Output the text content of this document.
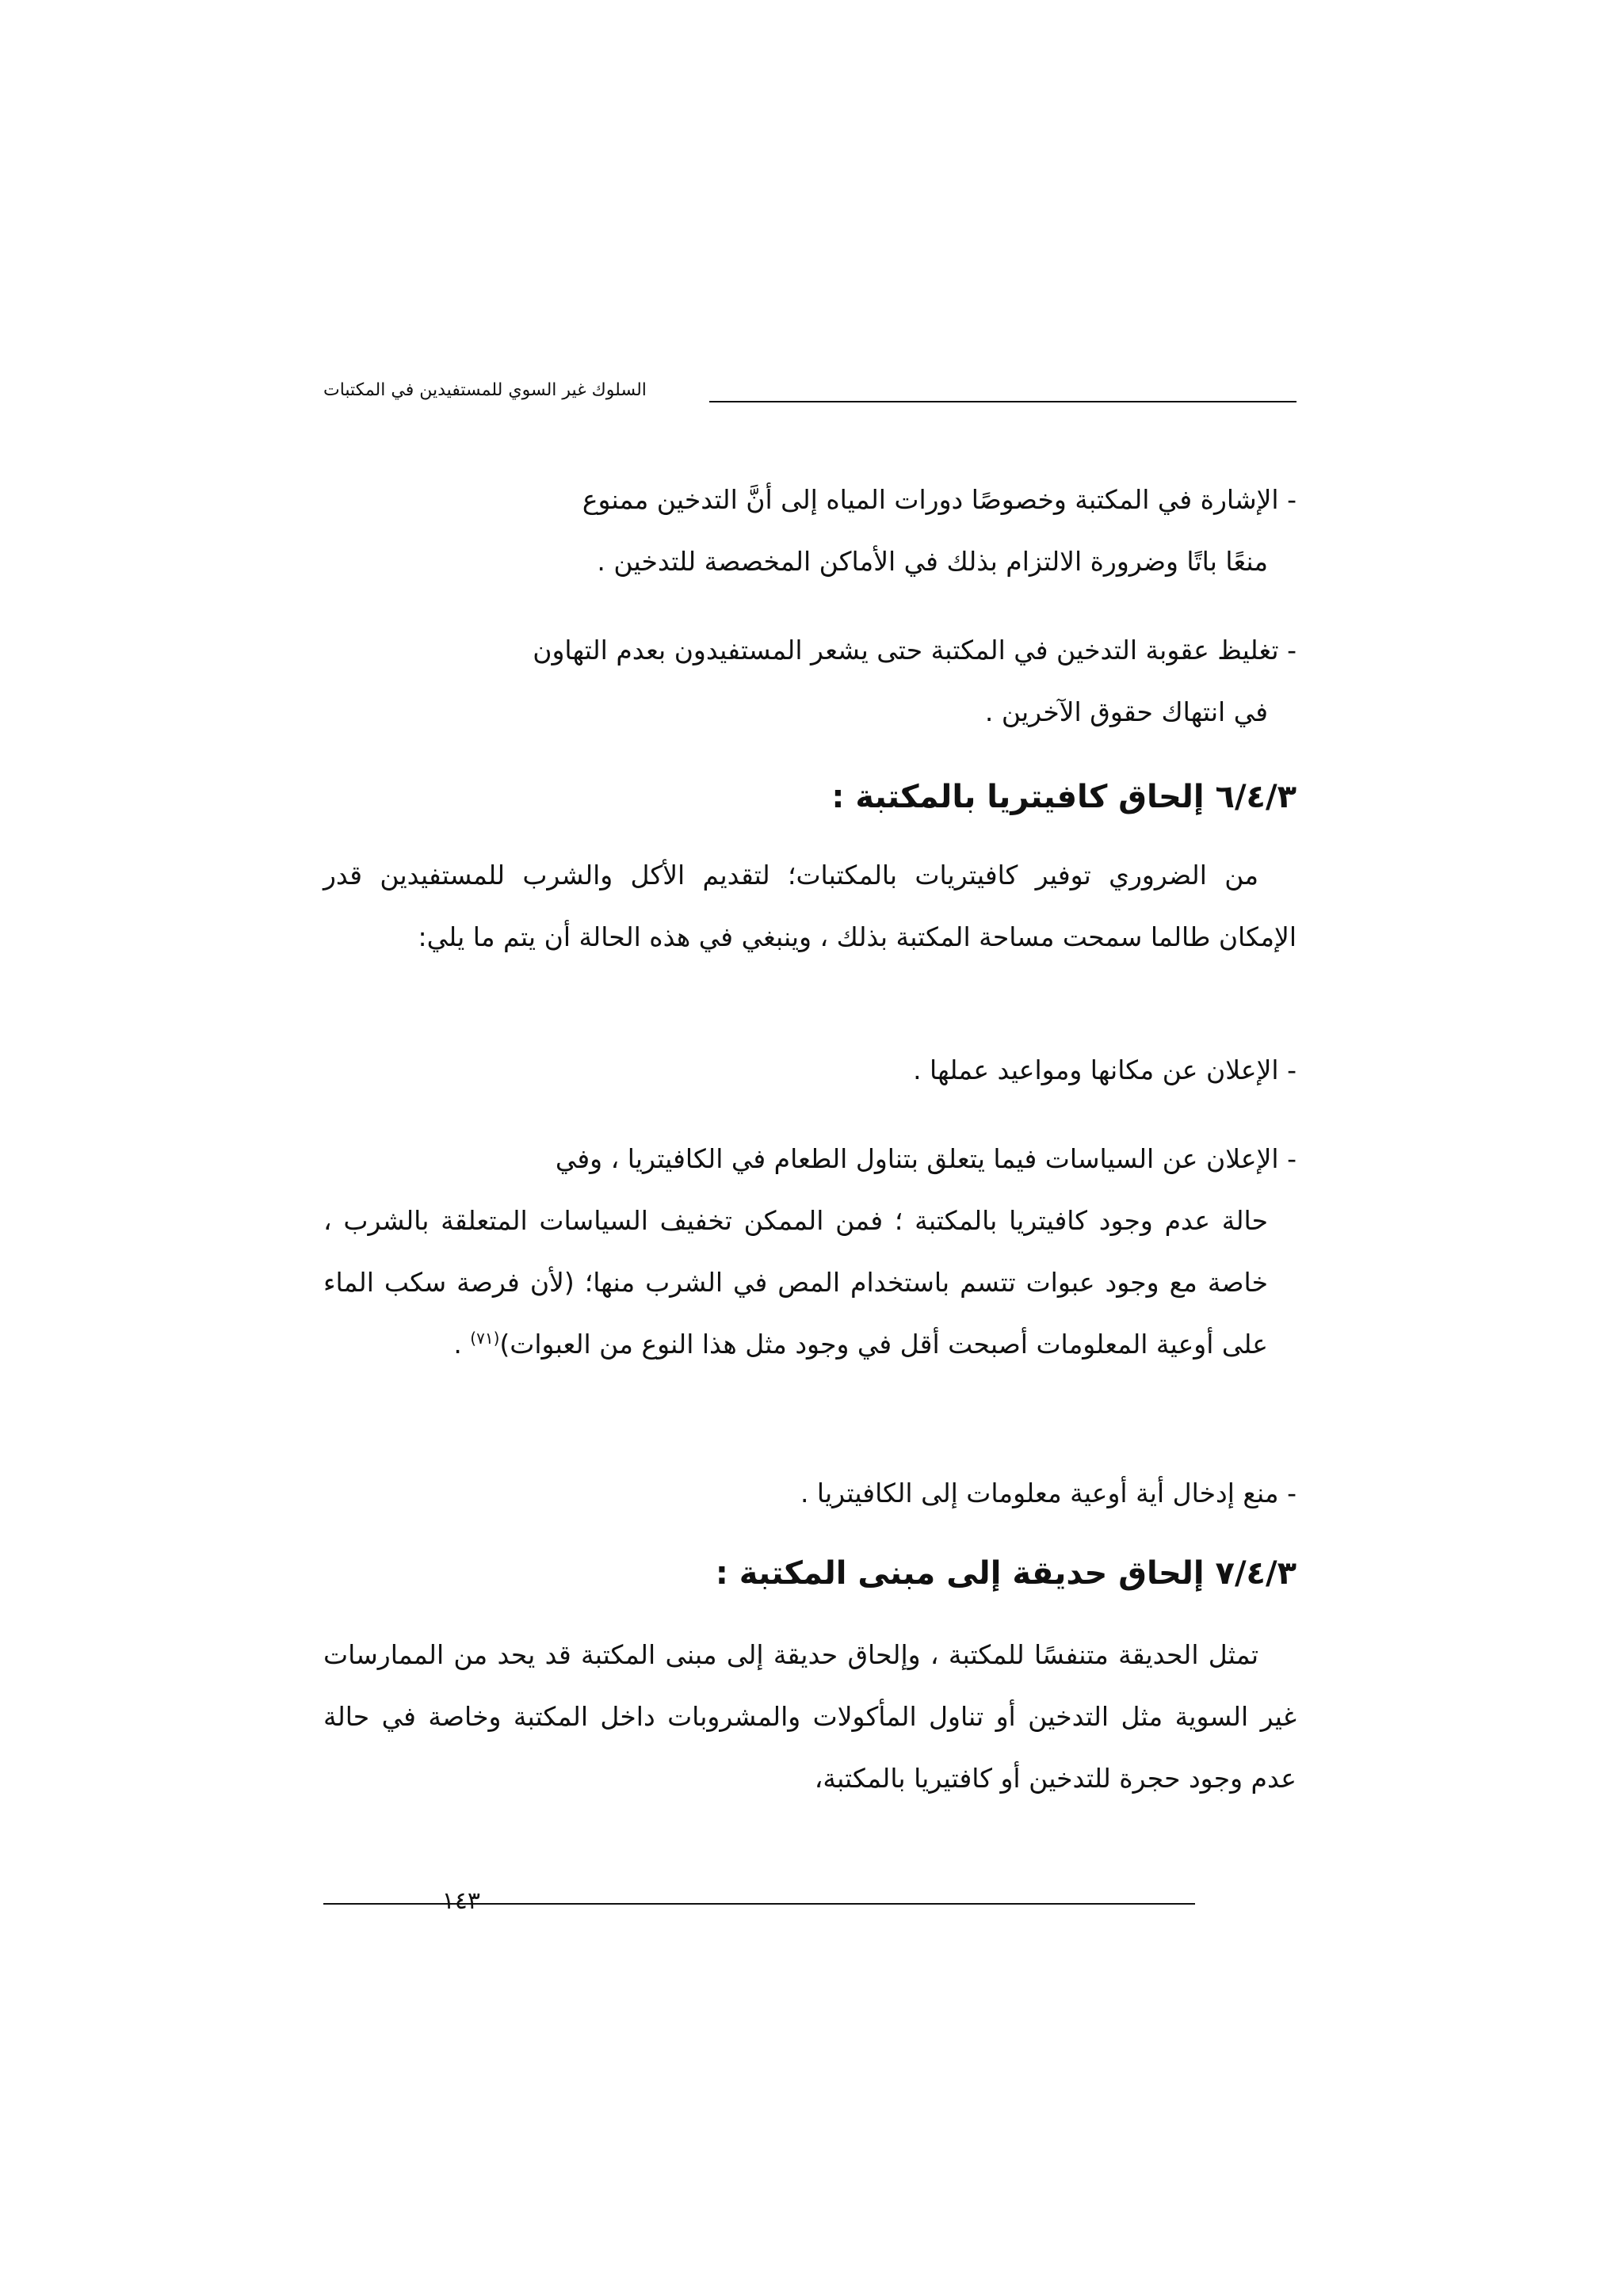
السلوك غير السوي للمستفيدين في المكتبات
- الإشارة في المكتبة وخصوصًا دورات المياه إلى أنَّ التدخين ممنوع
منعًا باتًا وضرورة الالتزام بذلك في الأماكن المخصصة للتدخين .
- تغليظ عقوبة التدخين في المكتبة حتى يشعر المستفيدون بعدم التهاون
في انتهاك حقوق الآخرين .
٦/٤/٣ إلحاق كافيتريا بالمكتبة :
من الضروري توفير كافيتريات بالمكتبات؛ لتقديم الأكل والشرب للمستفيدين قدر الإمكان طالما سمحت مساحة المكتبة بذلك ، وينبغي في هذه الحالة أن يتم ما يلي:
- الإعلان عن مكانها ومواعيد عملها .
- الإعلان عن السياسات فيما يتعلق بتناول الطعام في الكافيتريا ، وفي
حالة عدم وجود كافيتريا بالمكتبة ؛ فمن الممكن تخفيف السياسات المتعلقة بالشرب ، خاصة مع وجود عبوات تتسم باستخدام المص في الشرب منها؛ (لأن فرصة سكب الماء على أوعية المعلومات أصبحت أقل في وجود مثل هذا النوع من العبوات)$^{(٧١)}$ .
- منع إدخال أية أوعية معلومات إلى الكافيتريا .
٧/٤/٣ إلحاق حديقة إلى مبنى المكتبة :
تمثل الحديقة متنفسًا للمكتبة ، وإلحاق حديقة إلى مبنى المكتبة قد يحد من الممارسات غير السوية مثل التدخين أو تناول المأكولات والمشروبات داخل المكتبة وخاصة في حالة عدم وجود حجرة للتدخين أو كافتيريا بالمكتبة،
١٤٣
